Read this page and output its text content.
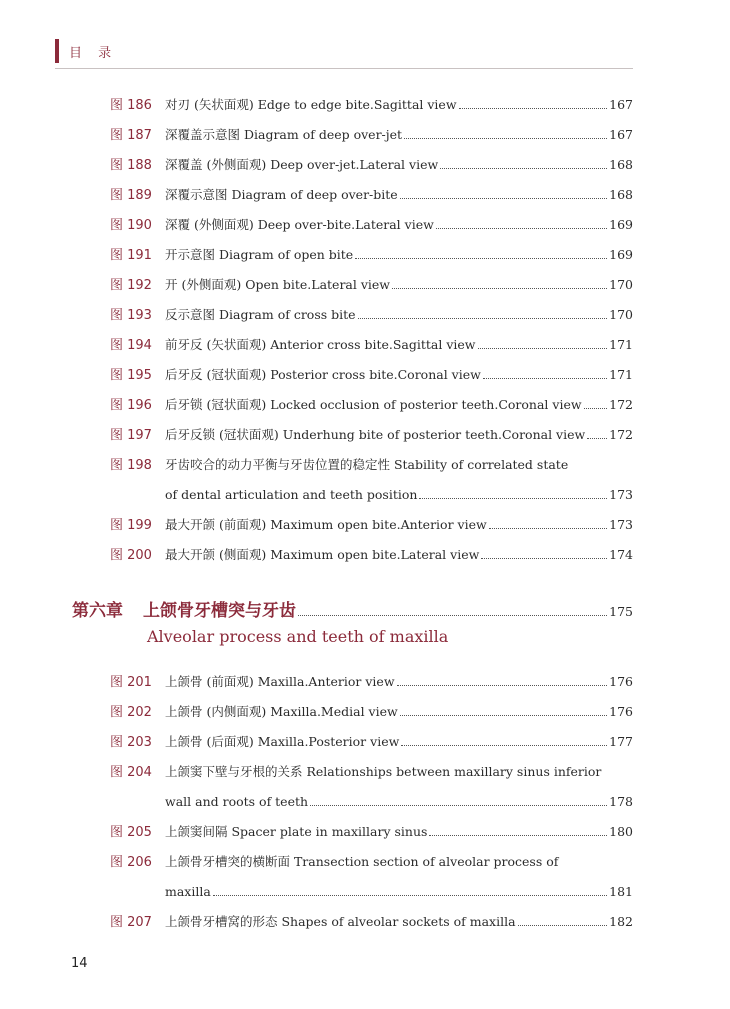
目 录
图 186	对刃 (矢状面观) Edge to edge bite.Sagittal view	167
图 187	深覆盖示意图 Diagram of deep over-jet	167
图 188	深覆盖 (外侧面观) Deep over-jet.Lateral view	168
图 189	深覆示意图 Diagram of deep over-bite	168
图 190	深覆 (外侧面观) Deep over-bite.Lateral view	169
图 191	开示意图 Diagram of open bite	169
图 192	开 (外侧面观) Open bite.Lateral view	170
图 193	反示意图 Diagram of cross bite	170
图 194	前牙反 (矢状面观) Anterior cross bite.Sagittal view	171
图 195	后牙反 (冠状面观) Posterior cross bite.Coronal view	171
图 196	后牙锁 (冠状面观) Locked occlusion of posterior teeth.Coronal view 172
图 197	后牙反锁 (冠状面观) Underhung bite of posterior teeth.Coronal view 172
图 198	牙齿咬合的动力平衡与牙齿位置的稳定性 Stability of correlated state
of dental articulation and teeth position	173
图 199	最大开颌 (前面观) Maximum open bite.Anterior view	173
图 200	最大开颌 (侧面观) Maximum open bite.Lateral view	174
第六章 上颌骨牙槽突与牙齿	175
Alveolar process and teeth of maxilla
图 201	上颌骨 (前面观) Maxilla.Anterior view	176
图 202	上颌骨 (内侧面观) Maxilla.Medial view	176
图 203	上颌骨 (后面观) Maxilla.Posterior view	177
图 204	上颌窦下壁与牙根的关系 Relationships between maxillary sinus inferior
wall and roots of teeth	178
图 205	上颌窦间隔 Spacer plate in maxillary sinus	180
图 206	上颌骨牙槽突的横断面 Transection section of alveolar process of
maxilla	181
图 207	上颌骨牙槽窝的形态 Shapes of alveolar sockets of maxilla	182
14
